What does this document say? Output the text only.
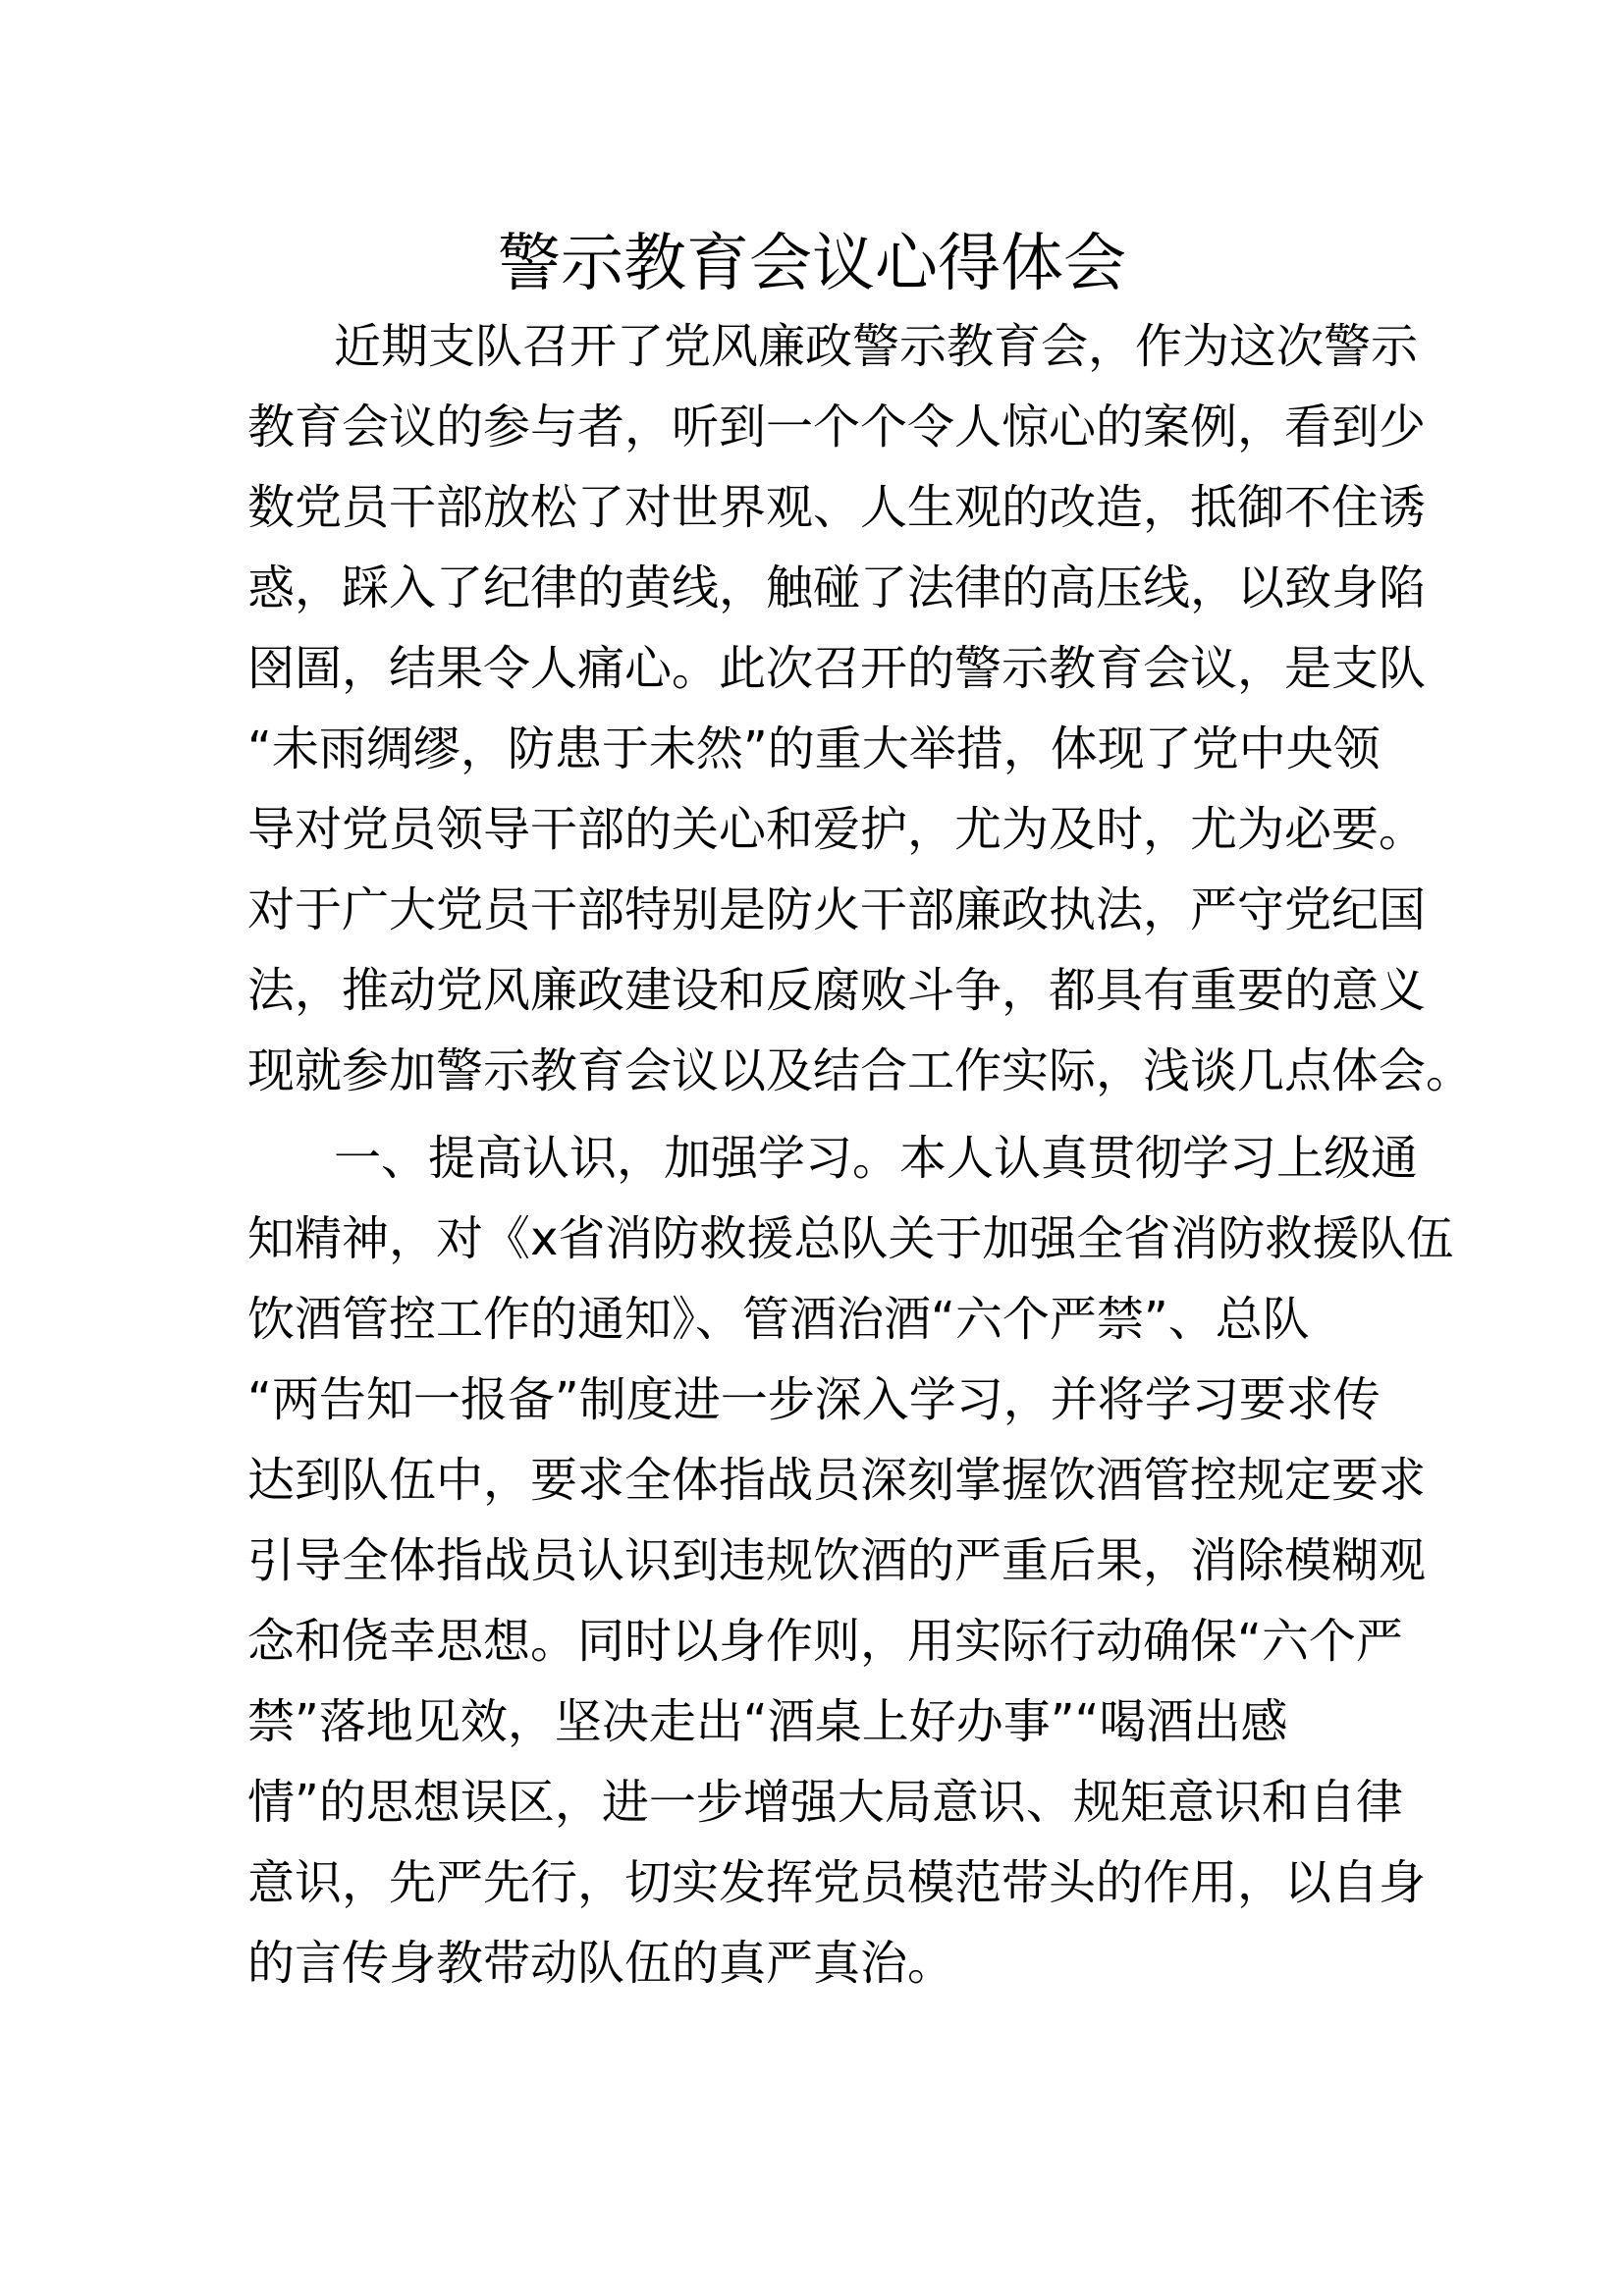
警示教育会议心得体会

近期支队召开了党风廉政警示教育会，作为这次警示

教育会议的参与者，听到一个个令人惊心的案例，看到少

数党员干部放松了对世界观、人生观的改造，抵御不住诱

惑，踩入了纪律的黄线，触碰了法律的高压线，以致身陷

囹圄，结果令人痛心。此次召开的警示教育会议，是支队

“未雨绸缪，防患于未然”的重大举措，体现了党中央领

导对党员领导干部的关心和爱护，尤为及时，尤为必要。

对于广大党员干部特别是防火干部廉政执法，严守党纪国

法，推动党风廉政建设和反腐败斗争，都具有重要的意义

现就参加警示教育会议以及结合工作实际，浅谈几点体会。

一、提高认识，加强学习。本人认真贯彻学习上级通

知精神，对《x省消防救援总队关于加强全省消防救援队伍

饮酒管控工作的通知》、管酒治酒“六个严禁”、总队

“两告知一报备”制度进一步深入学习，并将学习要求传

达到队伍中，要求全体指战员深刻掌握饮酒管控规定要求

引导全体指战员认识到违规饮酒的严重后果，消除模糊观

念和侥幸思想。同时以身作则，用实际行动确保“六个严

禁”落地见效，坚决走出“酒桌上好办事”“喝酒出感

情”的思想误区，进一步增强大局意识、规矩意识和自律

意识，先严先行，切实发挥党员模范带头的作用，以自身

的言传身教带动队伍的真严真治。
